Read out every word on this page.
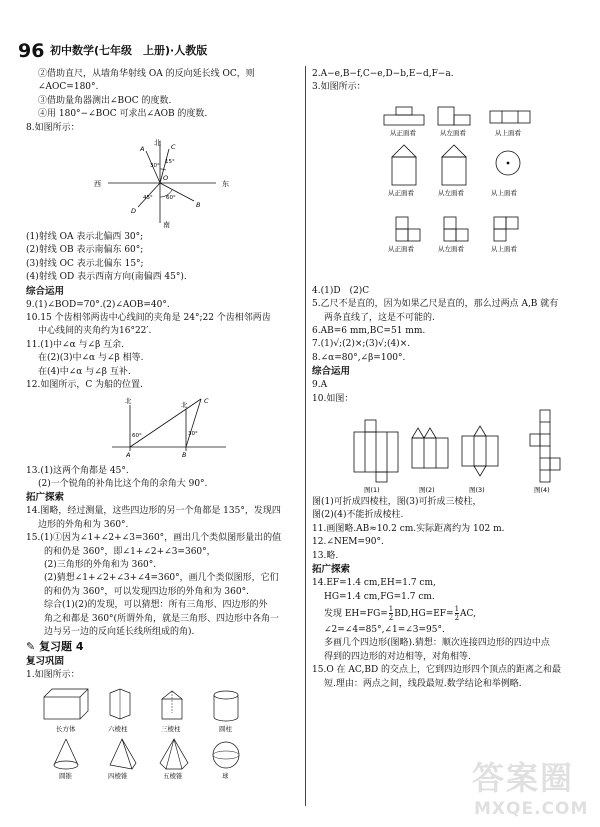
96 初中数学(七年级　上册)·人教版
②借助直尺，从墙角华射线 OA 的反向延长线 OC，则
∠AOC=180°.
③借助量角器测出∠BOC 的度数.
④用 180°−∠BOC 可求出∠AOB 的度数.
8.如图所示：
北
南
东
西
30°
15°
60°
45°
A	C
O
B
D
(1)射线 OA 表示北偏西 30°;
(2)射线 OB 表示南偏东 60°;
(3)射线 OC 表示北偏东 15°;
(4)射线 OD 表示西南方向(南偏西 45°).
综合运用
9.(1)∠BOD=70°.(2)∠AOB=40°.
10.15 个齿相邻两齿中心线间的夹角是 24°;22 个齿相邻两齿
中心线间的夹角约为16°22′.
11.(1)中∠α 与∠β 互余.
在(2)(3)中∠α 与∠β 相等.
在(4)中∠α 与∠β 互补.
12.如图所示，C 为船的位置.
北	北
60°	30°
A	B
C
13.(1)这两个角都是 45°.
(2)一个锐角的补角比这个角的余角大 90°.
拓广探索
14.图略，经过测量，这些四边形的另一个角都是 135°，发现四
边形的外角和为 360°.
15.(1)①因为∠1+∠2+∠3=360°，画出几个类似图形量出的值
的和仍是 360°，即∠1+∠2+∠3=360°，
(2)三角形的外角和为 360°.
(2)猜想∠1+∠2+∠3+∠4=360°，画几个类似图形，它们
的和仍为 360°，可以发现四边形的外角和为 360°.
综合(1)(2)的发现，可以猜想：所有三角形、四边形的外
角之和都是 360°(所谓外角，就是三角形、四边形中各角一
边与另一边的反向延长线所组成的角).
✎ 复习题 4
复习巩固
1.如图所示：
长方体	六棱柱	三棱柱	圆柱
圆锥	四棱锥	五棱锥	球
2.A−e,B−f,C−e,D−b,E−d,F−a.
3.如图所示：
从正面看	从左面看	从上面看
从正面看	从左面看	从上面看
从正面看	从左面看	从上面看
4.(1)D　(2)C
5.乙尺不是直的，因为如果乙尺是直的，那么过两点 A,B 就有
两条直线了，这是不可能的.
6.AB=6 mm,BC=51 mm.
7.(1)√;(2)×;(3)√;(4)×.
8.∠α=80°,∠β=100°.
综合运用
9.A
10.如图：
图(1)	图(2)	图(3)	图(4)
图(1)可折成四棱柱，图(3)可折成三棱柱，
图(2)(4)不能折成棱柱.
11.画图略.AB≈10.2 cm.实际距离约为 102 m.
12.∠NEM=90°.
13.略.
拓广探索
14.EF=1.4 cm,EH=1.7 cm,
HG=1.4 cm,FG=1.7 cm.
发现 $EH=FG= \frac{1}{2} BD,HG=EF= \frac{1}{2}$ AC,
∠2=∠4=85°,∠1=∠3=95°.
多画几个四边形(图略).猜想：顺次连接四边形的四边中点
得到的四边形的对边相等，对角相等.
15.O 在 AC,BD 的交点上，它到四边形四个顶点的距离之和最
短.理由：两点之间，线段最短.数学结论和举例略.
答案圈
MXQE.COM
